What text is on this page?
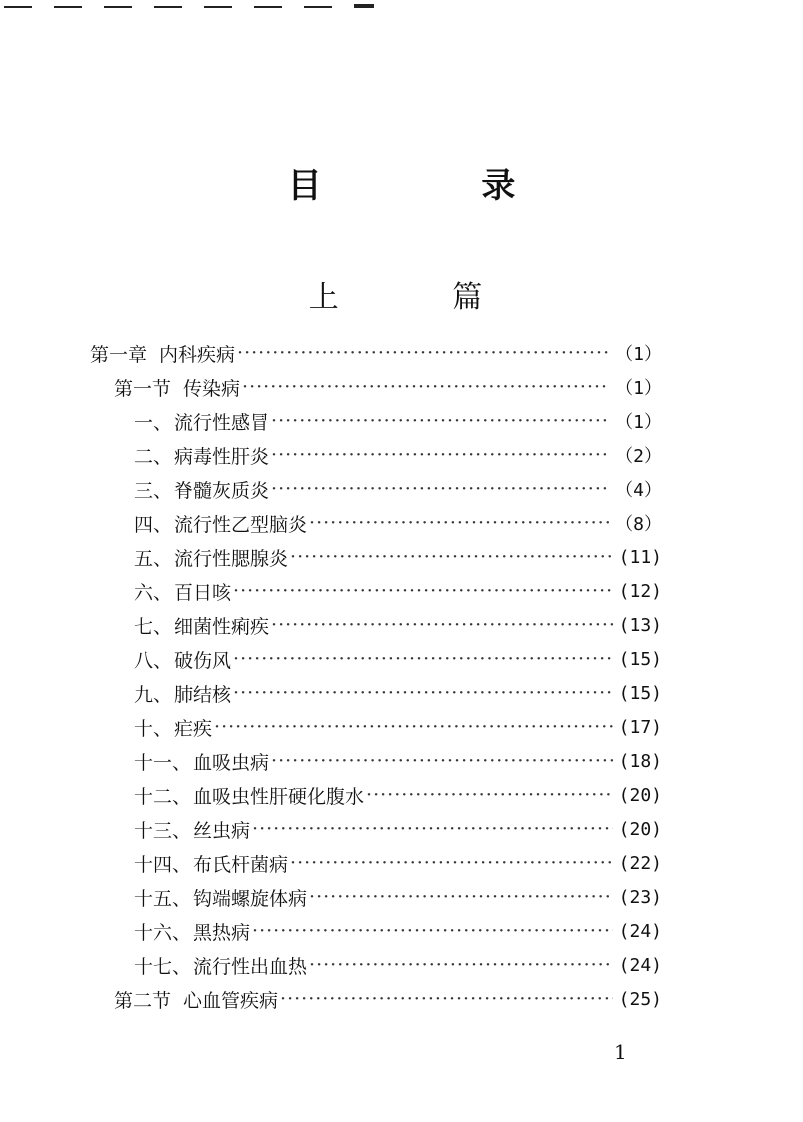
目 录
上 篇
第一章 内科疾病 ·····	（1）
第一节 传染病 ·····	（1）
一、 流行性感冒 ·····	（1）
二、 病毒性肝炎 ·····	（2）
三、 脊髓灰质炎 ·····	（4）
四、 流行性乙型脑炎 ·····	（8）
五、 流行性腮腺炎 ·····	(11)
六、 百日咳 ·····	(12)
七、 细菌性痢疾 ·····	(13)
八、 破伤风 ·····	(15)
九、 肺结核 ·····	(15)
十、 疟疾 ·····	(17)
十一、 血吸虫病 ·····	(18)
十二、 血吸虫性肝硬化腹水 ·····	(20)
十三、 丝虫病 ·····	(20)
十四、 布氏杆菌病 ·····	(22)
十五、 钩端螺旋体病 ·····	(23)
十六、 黑热病 ·····	(24)
十七、 流行性出血热 ·····	(24)
第二节 心血管疾病 ·····	(25)
1
